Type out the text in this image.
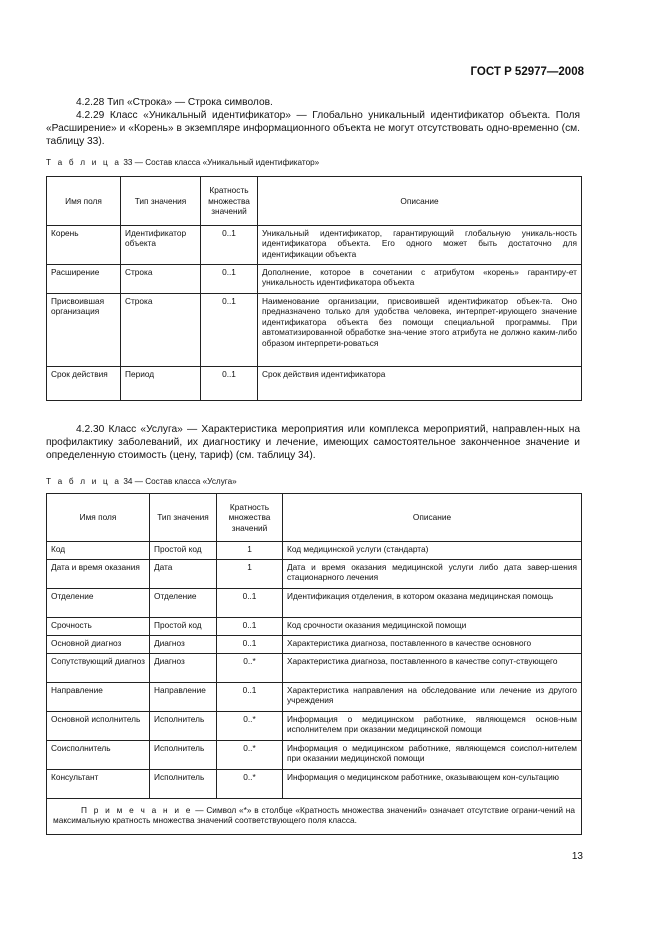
ГОСТ Р 52977—2008
4.2.28 Тип «Строка» — Строка символов.
4.2.29 Класс «Уникальный идентификатор» — Глобально уникальный идентификатор объекта. Поля «Расширение» и «Корень» в экземпляре информационного объекта не могут отсутствовать одно-временно (см. таблицу 33).
Т а б л и ц а 33 — Состав класса «Уникальный идентификатор»
Имя поля	Тип значения	Кратность множества значений	Описание
Корень	Идентификатор объекта	0..1	Уникальный идентификатор, гарантирующий глобальную уникаль-ность идентификатора объекта. Его одного может быть достаточно для идентификации объекта
Расширение	Строка	0..1	Дополнение, которое в сочетании с атрибутом «корень» гарантиру-ет уникальность идентификатора объекта
Присвоившая организация	Строка	0..1	Наименование организации, присвоившей идентификатор объек-та. Оно предназначено только для удобства человека, интерпрет-ирующего значение идентификатора объекта без помощи специальной программы. При автоматизированной обработке зна-чение этого атрибута не должно каким-либо образом интерпрети-роваться
Срок действия	Период	0..1	Срок действия идентификатора
4.2.30 Класс «Услуга» — Характеристика мероприятия или комплекса мероприятий, направлен-ных на профилактику заболеваний, их диагностику и лечение, имеющих самостоятельное законченное значение и определенную стоимость (цену, тариф) (см. таблицу 34).
Т а б л и ц а 34 — Состав класса «Услуга»
Имя поля	Тип значения	Кратность множества значений	Описание
Код	Простой код	1	Код медицинской услуги (стандарта)
Дата и время оказания	Дата	1	Дата и время оказания медицинской услуги либо дата завер-шения стационарного лечения
Отделение	Отделение	0..1	Идентификация отделения, в котором оказана медицинская помощь
Срочность	Простой код	0..1	Код срочности оказания медицинской помощи
Основной диагноз	Диагноз	0..1	Характеристика диагноза, поставленного в качестве основного
Сопутствующий диагноз	Диагноз	0..*	Характеристика диагноза, поставленного в качестве сопут-ствующего
Направление	Направление	0..1	Характеристика направления на обследование или лечение из другого учреждения
Основной исполнитель	Исполнитель	0..*	Информация о медицинском работнике, являющемся основ-ным исполнителем при оказании медицинской помощи
Соисполнитель	Исполнитель	0..*	Информация о медицинском работнике, являющемся соиспол-нителем при оказании медицинской помощи
Консультант	Исполнитель	0..*	Информация о медицинском работнике, оказывающем кон-сультацию
П р и м е ч а н и е — Символ «*» в столбце «Кратность множества значений» означает отсутствие ограни-чений на максимальную кратность множества значений соответствующего поля класса.			
13
